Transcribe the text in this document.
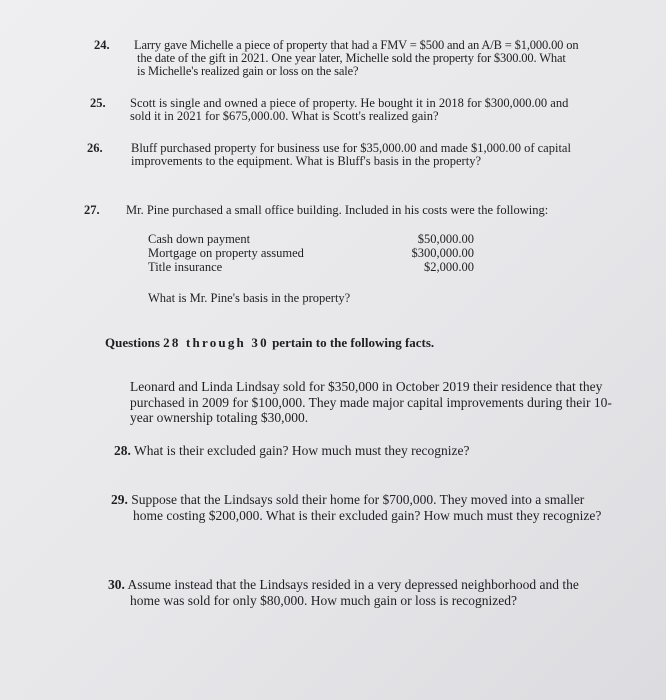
24. Larry gave Michelle a piece of property that had a FMV = $500 and an A/B = $1,000.00 on
the date of the gift in 2021. One year later, Michelle sold the property for $300.00. What
is Michelle's realized gain or loss on the sale?
25. Scott is single and owned a piece of property. He bought it in 2018 for $300,000.00 and
sold it in 2021 for $675,000.00. What is Scott's realized gain?
26. Bluff purchased property for business use for $35,000.00 and made $1,000.00 of capital
improvements to the equipment. What is Bluff's basis in the property?
27. Mr. Pine purchased a small office building. Included in his costs were the following:
Cash down payment	$50,000.00
Mortgage on property assumed	$300,000.00
Title insurance	$2,000.00
What is Mr. Pine's basis in the property?
Questions 28 through 30 pertain to the following facts.
Leonard and Linda Lindsay sold for $350,000 in October 2019 their residence that they
purchased in 2009 for $100,000. They made major capital improvements during their 10-
year ownership totaling $30,000.
28. What is their excluded gain? How much must they recognize?
29. Suppose that the Lindsays sold their home for $700,000. They moved into a smaller
home costing $200,000. What is their excluded gain? How much must they recognize?
30. Assume instead that the Lindsays resided in a very depressed neighborhood and the
home was sold for only $80,000. How much gain or loss is recognized?
